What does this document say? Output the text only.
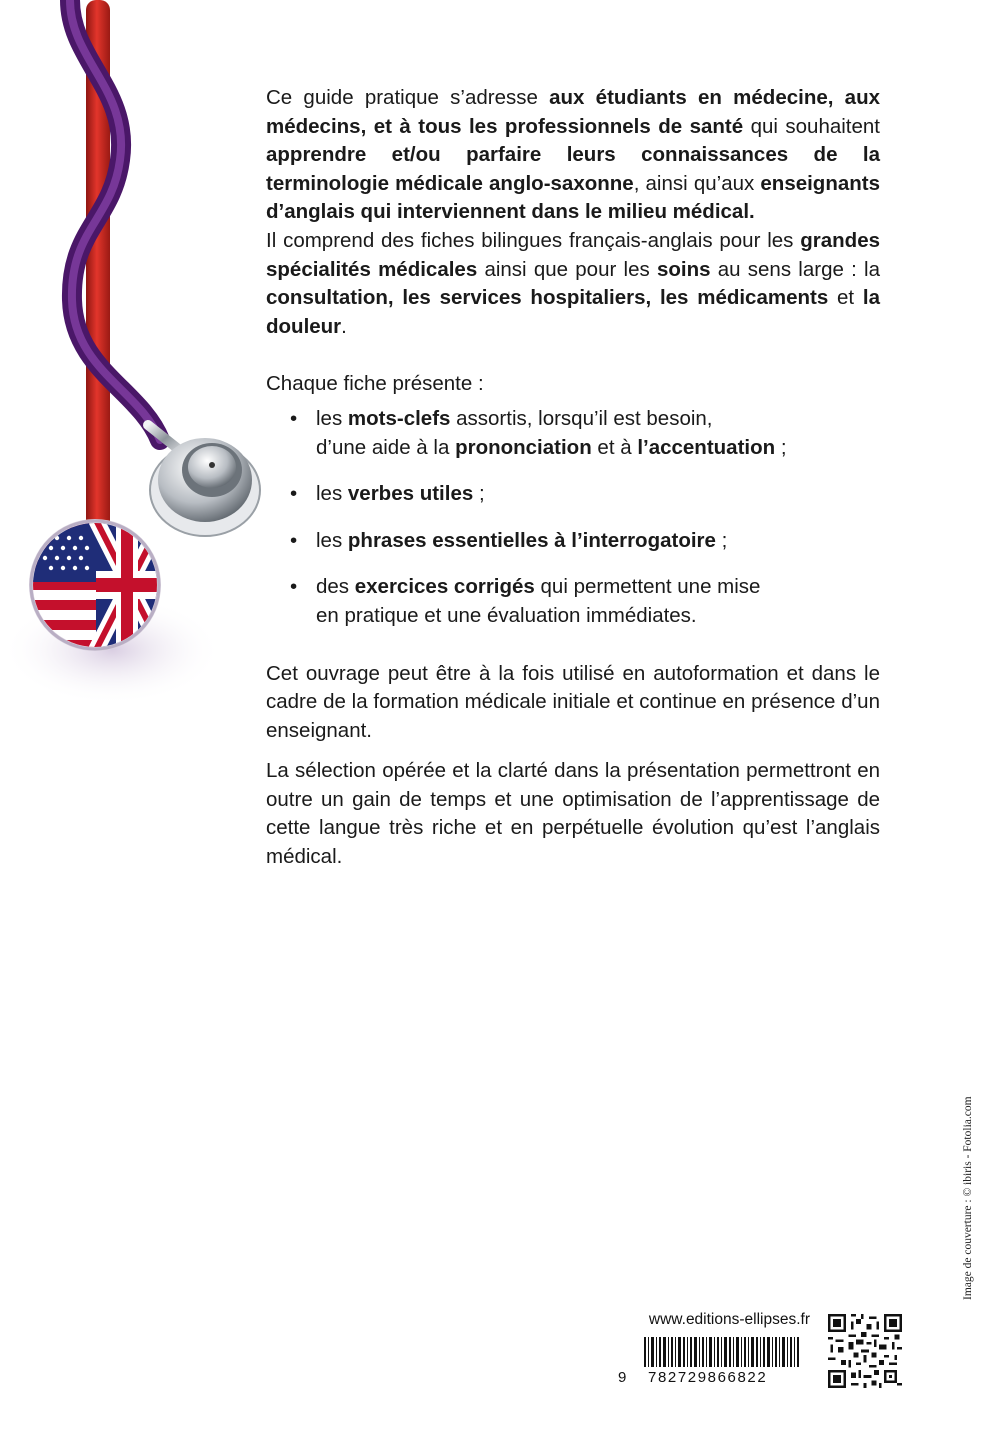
Ce guide pratique s’adresse aux étudiants en médecine, aux médecins, et à tous les professionnels de santé qui souhaitent apprendre et/ou parfaire leurs connaissances de la terminologie médicale anglo-saxonne, ainsi qu’aux enseignants d’anglais qui interviennent dans le milieu médical.

Il comprend des fiches bilingues français-anglais pour les grandes spécialités médicales ainsi que pour les soins au sens large : la consultation, les services hospitaliers, les médicaments et la douleur.

Chaque fiche présente :

• les mots-clefs assortis, lorsqu’il est besoin,
d’une aide à la prononciation et à l’accentuation ;
• les verbes utiles ;
• les phrases essentielles à l’interrogatoire ;
• des exercices corrigés qui permettent une mise
en pratique et une évaluation immédiates.

Cet ouvrage peut être à la fois utilisé en autoformation et dans le cadre de la formation médicale initiale et continue en présence d’un enseignant.

La sélection opérée et la clarté dans la présentation permettront en outre un gain de temps et une optimisation de l’apprentissage de cette langue très riche et en perpétuelle évolution qu’est l’anglais médical.

Image de couverture : © ibiris - Fotolia.com
www.editions-ellipses.fr
9 782729866822
